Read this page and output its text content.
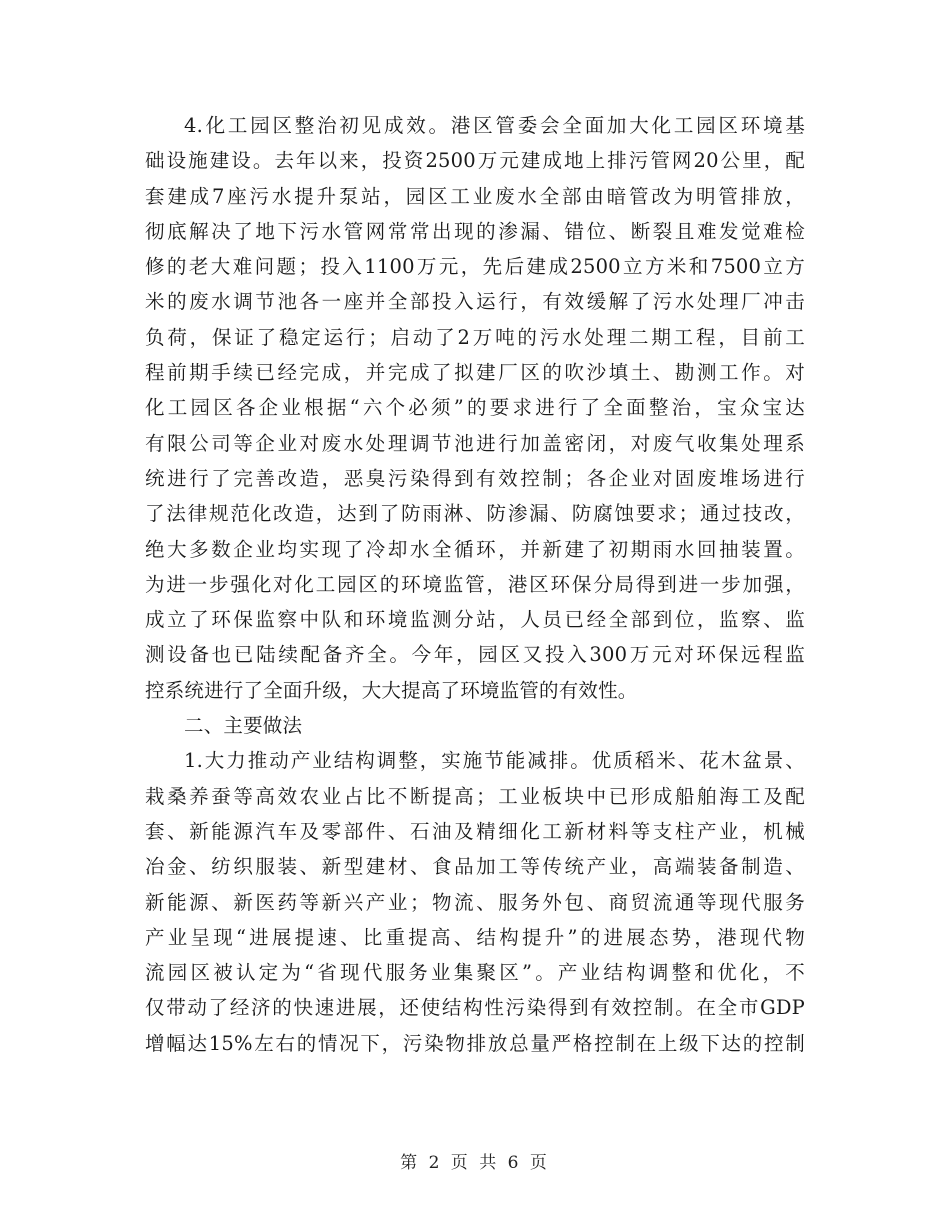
4.化工园区整治初见成效。港区管委会全面加大化工园区环境基
础设施建设。去年以来，投资2500万元建成地上排污管网20公里，配
套建成7座污水提升泵站，园区工业废水全部由暗管改为明管排放，
彻底解决了地下污水管网常常出现的渗漏、错位、断裂且难发觉难检
修的老大难问题；投入1100万元，先后建成2500立方米和7500立方
米的废水调节池各一座并全部投入运行，有效缓解了污水处理厂冲击
负荷，保证了稳定运行；启动了2万吨的污水处理二期工程，目前工
程前期手续已经完成，并完成了拟建厂区的吹沙填土、勘测工作。对
化工园区各企业根据“六个必须”的要求进行了全面整治，宝众宝达
有限公司等企业对废水处理调节池进行加盖密闭，对废气收集处理系
统进行了完善改造，恶臭污染得到有效控制；各企业对固废堆场进行
了法律规范化改造，达到了防雨淋、防渗漏、防腐蚀要求；通过技改，
绝大多数企业均实现了冷却水全循环，并新建了初期雨水回抽装置。
为进一步强化对化工园区的环境监管，港区环保分局得到进一步加强，
成立了环保监察中队和环境监测分站，人员已经全部到位，监察、监
测设备也已陆续配备齐全。今年，园区又投入300万元对环保远程监
控系统进行了全面升级，大大提高了环境监管的有效性。
二、主要做法
1.大力推动产业结构调整，实施节能减排。优质稻米、花木盆景、
栽桑养蚕等高效农业占比不断提高；工业板块中已形成船舶海工及配
套、新能源汽车及零部件、石油及精细化工新材料等支柱产业，机械
冶金、纺织服装、新型建材、食品加工等传统产业，高端装备制造、
新能源、新医药等新兴产业；物流、服务外包、商贸流通等现代服务
产业呈现“进展提速、比重提高、结构提升”的进展态势，港现代物
流园区被认定为“省现代服务业集聚区”。产业结构调整和优化，不
仅带动了经济的快速进展，还使结构性污染得到有效控制。在全市GDP
增幅达15%左右的情况下，污染物排放总量严格控制在上级下达的控制
第 2 页 共 6 页
